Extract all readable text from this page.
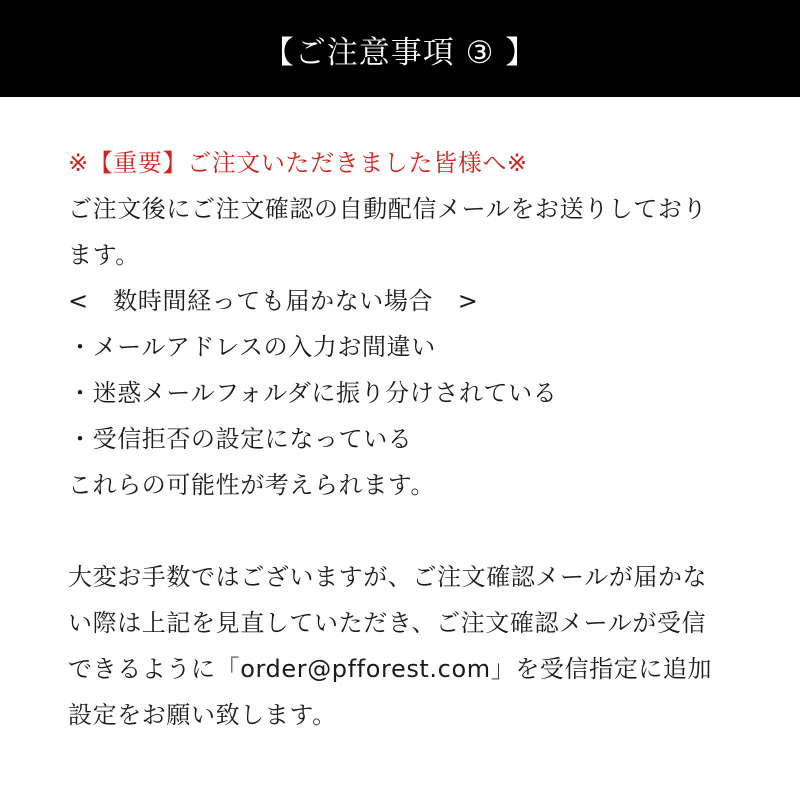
【ご注意事項 ③ 】
※【重要】ご注文いただきました皆様へ※
ご注文後にご注文確認の自動配信メールをお送りしており
ます。
<　数時間経っても届かない場合　>
・メールアドレスの入力お間違い
・迷惑メールフォルダに振り分けされている
・受信拒否の設定になっている
これらの可能性が考えられます。
大変お手数ではございますが、ご注文確認メールが届かな
い際は上記を見直していただき、ご注文確認メールが受信
できるように「order@pfforest.com」を受信指定に追加
設定をお願い致します。
